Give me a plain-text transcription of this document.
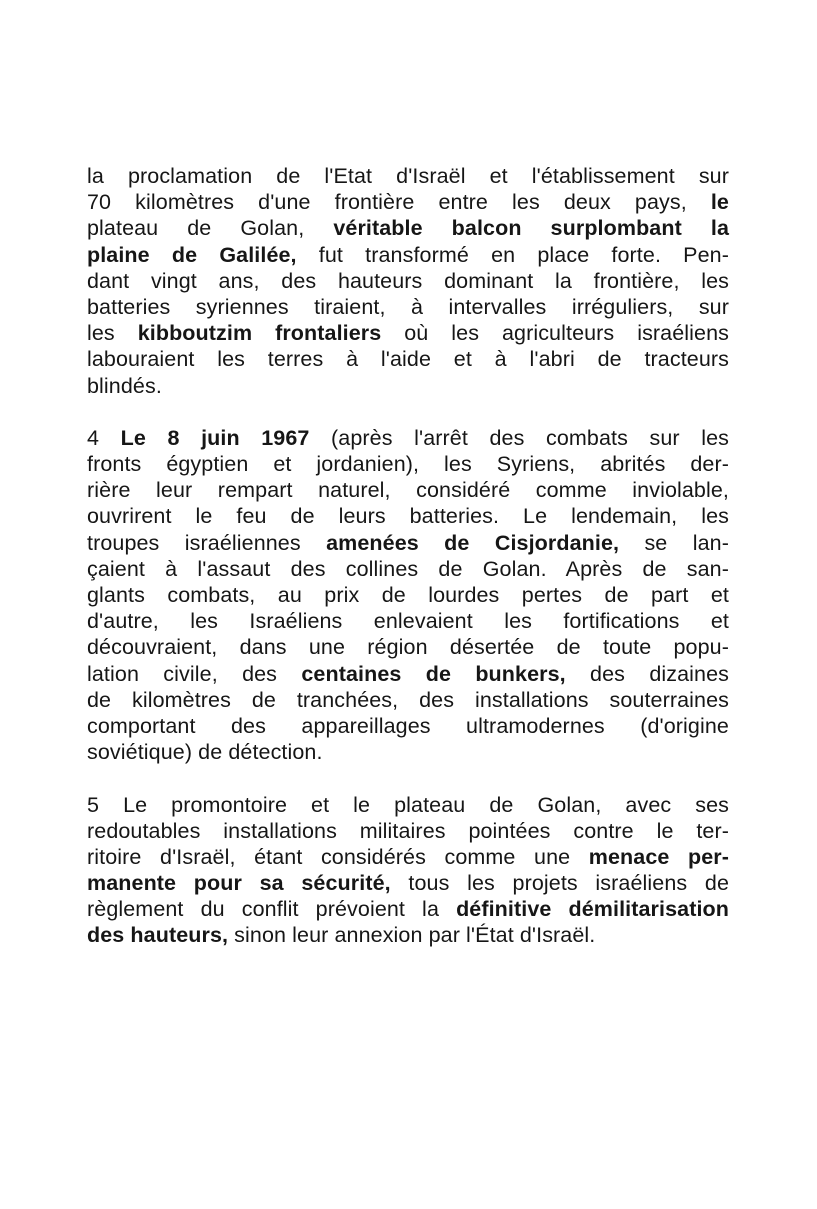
la proclamation de l'Etat d'Israël et l'établissement sur
70 kilomètres d'une frontière entre les deux pays, le
plateau de Golan, véritable balcon surplombant la
plaine de Galilée, fut transformé en place forte. Pen-
dant vingt ans, des hauteurs dominant la frontière, les
batteries syriennes tiraient, à intervalles irréguliers, sur
les kibboutzim frontaliers où les agriculteurs israéliens
labouraient les terres à l'aide et à l'abri de tracteurs
blindés.
4 Le 8 juin 1967 (après l'arrêt des combats sur les
fronts égyptien et jordanien), les Syriens, abrités der-
rière leur rempart naturel, considéré comme inviolable,
ouvrirent le feu de leurs batteries. Le lendemain, les
troupes israéliennes amenées de Cisjordanie, se lan-
çaient à l'assaut des collines de Golan. Après de san-
glants combats, au prix de lourdes pertes de part et
d'autre, les Israéliens enlevaient les fortifications et
découvraient, dans une région désertée de toute popu-
lation civile, des centaines de bunkers, des dizaines
de kilomètres de tranchées, des installations souterraines
comportant des appareillages ultramodernes (d'origine
soviétique) de détection.
5 Le promontoire et le plateau de Golan, avec ses
redoutables installations militaires pointées contre le ter-
ritoire d'Israël, étant considérés comme une menace per-
manente pour sa sécurité, tous les projets israéliens de
règlement du conflit prévoient la définitive démilitarisation
des hauteurs, sinon leur annexion par l'État d'Israël.
